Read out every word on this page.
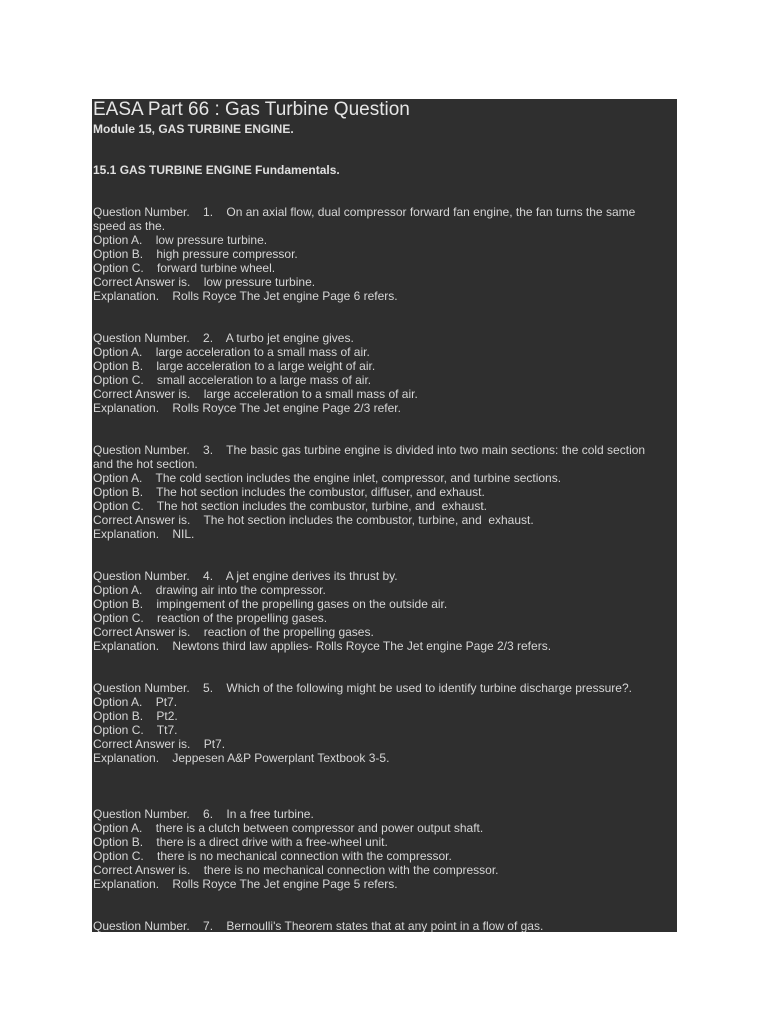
EASA Part 66 : Gas Turbine Question
Module 15, GAS TURBINE ENGINE.
15.1 GAS TURBINE ENGINE Fundamentals.
Question Number.    1.    On an axial flow, dual compressor forward fan engine, the fan turns the same speed as the.
Option A.    low pressure turbine.
Option B.    high pressure compressor.
Option C.    forward turbine wheel.
Correct Answer is.    low pressure turbine.
Explanation.    Rolls Royce The Jet engine Page 6 refers.
Question Number.    2.    A turbo jet engine gives.
Option A.    large acceleration to a small mass of air.
Option B.    large acceleration to a large weight of air.
Option C.    small acceleration to a large mass of air.
Correct Answer is.    large acceleration to a small mass of air.
Explanation.    Rolls Royce The Jet engine Page 2/3 refer.
Question Number.    3.    The basic gas turbine engine is divided into two main sections: the cold section and the hot section.
Option A.    The cold section includes the engine inlet, compressor, and turbine sections.
Option B.    The hot section includes the combustor, diffuser, and exhaust.
Option C.    The hot section includes the combustor, turbine, and  exhaust.
Correct Answer is.    The hot section includes the combustor, turbine, and  exhaust.
Explanation.    NIL.
Question Number.    4.    A jet engine derives its thrust by.
Option A.    drawing air into the compressor.
Option B.    impingement of the propelling gases on the outside air.
Option C.    reaction of the propelling gases.
Correct Answer is.    reaction of the propelling gases.
Explanation.    Newtons third law applies- Rolls Royce The Jet engine Page 2/3 refers.
Question Number.    5.    Which of the following might be used to identify turbine discharge pressure?.
Option A.    Pt7.
Option B.    Pt2.
Option C.    Tt7.
Correct Answer is.    Pt7.
Explanation.    Jeppesen A&P Powerplant Textbook 3-5.
Question Number.    6.    In a free turbine.
Option A.    there is a clutch between compressor and power output shaft.
Option B.    there is a direct drive with a free-wheel unit.
Option C.    there is no mechanical connection with the compressor.
Correct Answer is.    there is no mechanical connection with the compressor.
Explanation.    Rolls Royce The Jet engine Page 5 refers.
Question Number.    7.    Bernoulli's Theorem states that at any point in a flow of gas.
